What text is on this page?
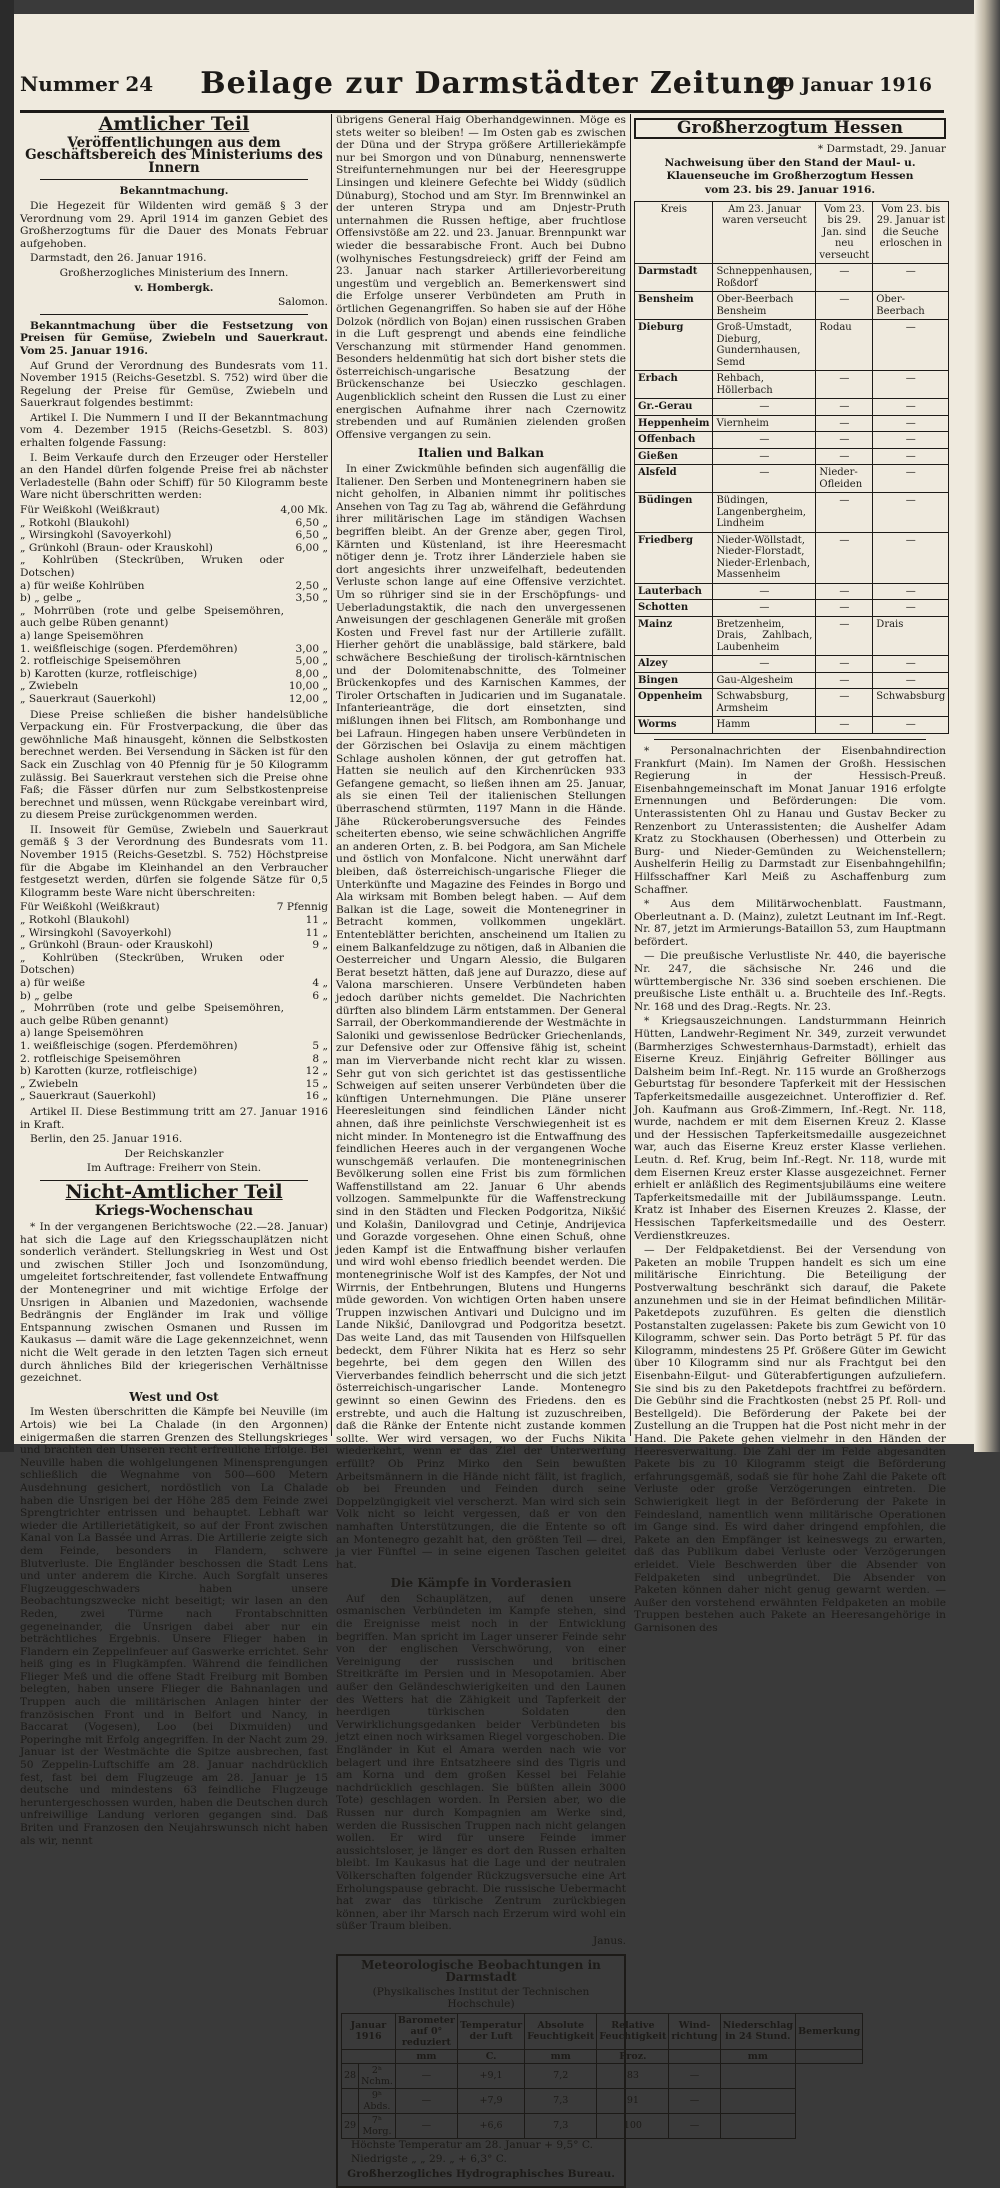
Nummer 24	Beilage zur Darmstädter Zeitung
29 Januar 1916
Amtlicher Teil
Veröffentlichungen aus dem Geschäftsbereich des Ministeriums des Innern

Bekanntmachung.

Die Hegezeit für Wildenten wird gemäß § 3 der Verordnung vom 29. April 1914 im ganzen Gebiet des Großherzogtums für die Dauer des Monats Februar aufgehoben.

Darmstadt, den 26. Januar 1916.

Großherzogliches Ministerium des Innern.

v. Hombergk.

Salomon.

Bekanntmachung über die Festsetzung von Preisen für Gemüse, Zwiebeln und Sauerkraut. Vom 25. Januar 1916.

Auf Grund der Verordnung des Bundesrats vom 11. November 1915 (Reichs-Gesetzbl. S. 752) wird über die Regelung der Preise für Gemüse, Zwiebeln und Sauerkraut folgendes bestimmt:

Artikel I. Die Nummern I und II der Bekanntmachung vom 4. Dezember 1915 (Reichs-Gesetzbl. S. 803) erhalten folgende Fassung:

I. Beim Verkaufe durch den Erzeuger oder Hersteller an den Handel dürfen folgende Preise frei ab nächster Verladestelle (Bahn oder Schiff) für 50 Kilogramm beste Ware nicht überschritten werden:

Für Weißkohl (Weißkraut)	4,00 Mk.
„ Rotkohl (Blaukohl)	6,50 „
„ Wirsingkohl (Savoyerkohl)	6,50 „
„ Grünkohl (Braun- oder Krauskohl)	6,00 „
„ Kohlrüben (Steckrüben, Wruken oder Dotschen)
a) für weiße Kohlrüben	2,50 „
b) „ gelbe „	3,50 „
„ Mohrrüben (rote und gelbe Speisemöhren, auch gelbe Rüben genannt)
a) lange Speisemöhren
1. weißfleischige (sogen. Pferdemöhren)	3,00 „
2. rotfleischige Speisemöhren	5,00 „
b) Karotten (kurze, rotfleischige)	8,00 „
„ Zwiebeln	10,00 „
„ Sauerkraut (Sauerkohl)	12,00 „

Diese Preise schließen die bisher handelsübliche Verpackung ein. Für Frostverpackung, die über das gewöhnliche Maß hinausgeht, können die Selbstkosten berechnet werden. Bei Versendung in Säcken ist für den Sack ein Zuschlag von 40 Pfennig für je 50 Kilogramm zulässig. Bei Sauerkraut verstehen sich die Preise ohne Faß; die Fässer dürfen nur zum Selbstkostenpreise berechnet und müssen, wenn Rückgabe vereinbart wird, zu diesem Preise zurückgenommen werden.

II. Insoweit für Gemüse, Zwiebeln und Sauerkraut gemäß § 3 der Verordnung des Bundesrats vom 11. November 1915 (Reichs-Gesetzbl. S. 752) Höchstpreise für die Abgabe im Kleinhandel an den Verbraucher festgesetzt werden, dürfen sie folgende Sätze für 0,5 Kilogramm beste Ware nicht überschreiten:

Für Weißkohl (Weißkraut)	7 Pfennig
„ Rotkohl (Blaukohl)	11 „
„ Wirsingkohl (Savoyerkohl)	11 „
„ Grünkohl (Braun- oder Krauskohl)	9 „
„ Kohlrüben (Steckrüben, Wruken oder Dotschen)
a) für weiße	4 „
b) „ gelbe	6 „
„ Mohrrüben (rote und gelbe Speisemöhren, auch gelbe Rüben genannt)
a) lange Speisemöhren
1. weißfleischige (sogen. Pferdemöhren)	5 „
2. rotfleischige Speisemöhren	8 „
b) Karotten (kurze, rotfleischige)	12 „
„ Zwiebeln	15 „
„ Sauerkraut (Sauerkohl)	16 „

Artikel II. Diese Bestimmung tritt am 27. Januar 1916 in Kraft.

Berlin, den 25. Januar 1916.

Der Reichskanzler

Im Auftrage: Freiherr von Stein.

Nicht-Amtlicher Teil
Kriegs-Wochenschau

* In der vergangenen Berichtswoche (22.—28. Januar) hat sich die Lage auf den Kriegsschauplätzen nicht sonderlich verändert. Stellungskrieg in West und Ost und zwischen Stiller Joch und Isonzomündung, umgeleitet fortschreitender, fast vollendete Entwaffnung der Montenegriner und mit wichtige Erfolge der Unsrigen in Albanien und Mazedonien, wachsende Bedrängnis der Engländer im Irak und völlige Entspannung zwischen Osmanen und Russen im Kaukasus — damit wäre die Lage gekennzeichnet, wenn nicht die Welt gerade in den letzten Tagen sich erneut durch ähnliches Bild der kriegerischen Verhältnisse gezeichnet.

West und Ost

Im Westen überschritten die Kämpfe bei Neuville (im Artois) wie bei La Chalade (in den Argonnen) einigermaßen die starren Grenzen des Stellungskrieges und brachten den Unseren recht erfreuliche Erfolge. Bei Neuville haben die wohlgelungenen Minensprengungen schließlich die Wegnahme von 500—600 Metern Ausdehnung gesichert, nordöstlich von La Chalade haben die Unsrigen bei der Höhe 285 dem Feinde zwei Sprengtrichter entrissen und behauptet. Lebhaft war wieder die Artillerietätigkeit, so auf der Front zwischen Kanal von La Bassée und Arras. Die Artillerie zeigte sich dem Feinde, besonders in Flandern, schwere Blutverluste. Die Engländer beschossen die Stadt Lens und unter anderem die Kirche. Auch Sorgfalt unseres Flugzeuggeschwaders haben unsere Beobachtungszwecke nicht beseitigt; wir lasen an den Reden, zwei Türme nach Frontabschnitten gegeneinander, die Unsrigen dabei aber nur ein beträchtliches Ergebnis. Unsere Flieger haben in Flandern ein Zeppelinfeuer auf Gaswerke errichtet. Sehr heiß ging es in Flugkämpfen. Während die feindlichen Flieger Meß und die offene Stadt Freiburg mit Bomben belegten, haben unsere Flieger die Bahnanlagen und Truppen auch die militärischen Anlagen hinter der französischen Front und in Belfort und Nancy, in Baccarat (Vogesen), Loo (bei Dixmuiden) und Poperinghe mit Erfolg angegriffen. In der Nacht zum 29. Januar ist der Westmächte die Spitze ausbrechen, fast 50 Zeppelin-Luftschiffe am 28. Januar nachdrücklich fest, fast bei dem Flugzeuge am 28. Januar je 15 deutsche und mindestens 63 feindliche Flugzeuge heruntergeschossen wurden, haben die Deutschen durch unfreiwillige Landung verloren gegangen sind. Daß Briten und Franzosen den Neujahrswunsch nicht haben als wir, nennt

übrigens General Haig Oberhandgewinnen. Möge es stets weiter so bleiben! — Im Osten gab es zwischen der Düna und der Strypa größere Artilleriekämpfe nur bei Smorgon und von Dünaburg, nennenswerte Streifunternehmungen nur bei der Heeresgruppe Linsingen und kleinere Gefechte bei Widdy (südlich Dünaburg), Stochod und am Styr. Im Brennwinkel an der unteren Strypa und am Dnjestr-Pruth unternahmen die Russen heftige, aber fruchtlose Offensivstöße am 22. und 23. Januar. Brennpunkt war wieder die bessarabische Front. Auch bei Dubno (wolhynisches Festungsdreieck) griff der Feind am 23. Januar nach starker Artillerievorbereitung ungestüm und vergeblich an. Bemerkenswert sind die Erfolge unserer Verbündeten am Pruth in örtlichen Gegenangriffen. So haben sie auf der Höhe Dolzok (nördlich von Bojan) einen russischen Graben in die Luft gesprengt und abends eine feindliche Verschanzung mit stürmender Hand genommen. Besonders heldenmütig hat sich dort bisher stets die österreichisch-ungarische Besatzung der Brückenschanze bei Usieczko geschlagen. Augenblicklich scheint den Russen die Lust zu einer energischen Aufnahme ihrer nach Czernowitz strebenden und auf Rumänien zielenden großen Offensive vergangen zu sein.

Italien und Balkan

In einer Zwickmühle befinden sich augenfällig die Italiener. Den Serben und Montenegrinern haben sie nicht geholfen, in Albanien nimmt ihr politisches Ansehen von Tag zu Tag ab, während die Gefährdung ihrer militärischen Lage im ständigen Wachsen begriffen bleibt. An der Grenze aber, gegen Tirol, Kärnten und Küstenland, ist ihre Heeresmacht nötiger denn je. Trotz ihrer Länderziele haben sie dort angesichts ihrer unzweifelhaft, bedeutenden Verluste schon lange auf eine Offensive verzichtet. Um so rühriger sind sie in der Erschöpfungs- und Ueberladungstaktik, die nach den unvergessenen Anweisungen der geschlagenen Generäle mit großen Kosten und Frevel fast nur der Artillerie zufällt. Hierher gehört die unablässige, bald stärkere, bald schwächere Beschießung der tirolisch-kärntnischen und der Dolomitenabschnitte, des Tolmeiner Brückenkopfes und des Karnischen Kammes, der Tiroler Ortschaften in Judicarien und im Suganatale. Infanterieanträge, die dort einsetzten, sind mißlungen ihnen bei Flitsch, am Rombonhange und bei Lafraun. Hingegen haben unsere Verbündeten in der Görzischen bei Oslavija zu einem mächtigen Schlage ausholen können, der gut getroffen hat. Hatten sie neulich auf den Kirchenrücken 933 Gefangene gemacht, so ließen ihnen am 25. Januar, als sie einen Teil der italienischen Stellungen überraschend stürmten, 1197 Mann in die Hände. Jähe Rückeroberungsversuche des Feindes scheiterten ebenso, wie seine schwächlichen Angriffe an anderen Orten, z. B. bei Podgora, am San Michele und östlich von Monfalcone. Nicht unerwähnt darf bleiben, daß österreichisch-ungarische Flieger die Unterkünfte und Magazine des Feindes in Borgo und Ala wirksam mit Bomben belegt haben. — Auf dem Balkan ist die Lage, soweit die Montenegriner in Betracht kommen, vollkommen ungeklärt. Ententeblätter berichten, anscheinend um Italien zu einem Balkanfeldzuge zu nötigen, daß in Albanien die Oesterreicher und Ungarn Alessio, die Bulgaren Berat besetzt hätten, daß jene auf Durazzo, diese auf Valona marschieren. Unsere Verbündeten haben jedoch darüber nichts gemeldet. Die Nachrichten dürften also blindem Lärm entstammen. Der General Sarrail, der Oberkommandierende der Westmächte in Saloniki und gewissenlose Bedrücker Griechenlands, zur Defensive oder zur Offensive fähig ist, scheint man im Vierverbande nicht recht klar zu wissen. Sehr gut von sich gerichtet ist das gestissentliche Schweigen auf seiten unserer Verbündeten über die künftigen Unternehmungen. Die Pläne unserer Heeresleitungen sind feindlichen Länder nicht ahnen, daß ihre peinlichste Verschwiegenheit ist es nicht minder. In Montenegro ist die Entwaffnung des feindlichen Heeres auch in der vergangenen Woche wunschgemäß verlaufen. Die montenegrinischen Bevölkerung sollen eine Frist bis zum förmlichen Waffenstillstand am 22. Januar 6 Uhr abends vollzogen. Sammelpunkte für die Waffenstreckung sind in den Städten und Flecken Podgoritza, Nikšić und Kolašin, Danilovgrad und Cetinje, Andrijevica und Gorazde vorgesehen. Ohne einen Schuß, ohne jeden Kampf ist die Entwaffnung bisher verlaufen und wird wohl ebenso friedlich beendet werden. Die montenegrinische Wolf ist des Kampfes, der Not und Wirrnis, der Entbehrungen, Blutens und Hungerns müde geworden. Von wichtigen Orten haben unsere Truppen inzwischen Antivari und Dulcigno und im Lande Nikšić, Danilovgrad und Podgoritza besetzt. Das weite Land, das mit Tausenden von Hilfsquellen bedeckt, dem Führer Nikita hat es Herz so sehr begehrte, bei dem gegen den Willen des Vierverbandes feindlich beherrscht und die sich jetzt österreichisch-ungarischer Lande. Montenegro gewinnt so einen Gewinn des Friedens. den es erstrebte, und auch die Haltung ist zuzuschreiben, daß die Ränke der Entente nicht zustande kommen sollte. Wer wird versagen, wo der Fuchs Nikita wiederkehrt, wenn er das Ziel der Unterwerfung erfüllt? Ob Prinz Mirko den Sein bewußten Arbeitsmännern in die Hände nicht fällt, ist fraglich, ob bei Freunden und Feinden durch seine Doppelzüngigkeit viel verscherzt. Man wird sich sein Volk nicht so leicht vergessen, daß er von den namhaften Unterstützungen, die die Entente so oft an Montenegro gezahlt hat, den größten Teil — drei, ja vier Fünftel — in seine eigenen Taschen geleitet hat.

Die Kämpfe in Vorderasien

Auf den Schauplätzen, auf denen unsere osmanischen Verbündeten im Kampfe stehen, sind die Ereignisse meist noch in der Entwicklung begriffen. Man spricht im Lager unserer Feinde sehr von der englischen Verschwörung, von einer Vereinigung der russischen und britischen Streitkräfte im Persien und in Mesopotamien. Aber außer den Geländeschwierigkeiten und den Launen des Wetters hat die Zähigkeit und Tapferkeit der heerdigen türkischen Soldaten den Verwirklichungsgedanken beider Verbündeten bis jetzt einen noch wirksamen Riegel vorgeschoben. Die Engländer in Kut el Amara werden nach wie vor belagert und ihre Entsatzheere sind des Tigris und am Korna und dem großen Kessel bei Felahie nachdrücklich geschlagen. Sie büßten allein 3000 Tote) geschlagen worden. In Persien aber, wo die Russen nur durch Kompagnien am Werke sind, werden die Russischen Truppen nach nicht gelangen wollen. Er wird für unsere Feinde immer aussichtsloser, je länger es dort den Russen erhalten bleibt. Im Kaukasus hat die Lage und der neutralen Völkerschaften folgender Rückzugsversuche eine Art Erholungspause gebracht. Die russische Uebermacht hat zwar das türkische Zentrum zurückbiegen können, aber ihr Marsch nach Erzerum wird wohl ein süßer Traum bleiben.

Janus.

Meteorologische Beobachtungen in Darmstadt

(Physikalisches Institut der Technischen Hochschule)

Januar 1916		Barometer auf 0° reduziert	Temperatur der Luft	Absolute Feuchtigkeit	Relative Feuchtigkeit	Wind-richtung	Niederschlag in 24 Stund.	Bemerkung
		mm	C.	mm	Proz.		mm	
28	2ʰ Nchm.	—	+9,1	7,2	83	—		
	9ʰ Abds.	—	+7,9	7,3	91	—		
29	7ʰ Morg.	—	+6,6	7,3	100	—		

Höchste Temperatur am 28. Januar + 9,5° C.

Niedrigste „ „ 29. „ + 6,3° C.

Großherzogliches Hydrographisches Bureau.

Großherzogtum Hessen

* Darmstadt, 29. Januar

Nachweisung über den Stand der Maul- u. Klauenseuche im Großherzogtum Hessen

vom 23. bis 29. Januar 1916.

Kreis	Am 23. Januar waren verseucht	Vom 23. bis 29. Jan. sind neu verseucht	Vom 23. bis 29. Januar ist die Seuche erloschen in
Darmstadt	Schneppenhausen, Roßdorf	—	—
Bensheim	Ober-Beerbach Bensheim	—	Ober-Beerbach
Dieburg	Groß-Umstadt, Dieburg, Gundernhausen, Semd	Rodau	—
Erbach	Rehbach, Höllerbach	—	—
Gr.-Gerau	—	—	—
Heppenheim	Viernheim	—	—
Offenbach	—	—	—
Gießen	—	—	—
Alsfeld	—	Nieder-Ofleiden	—
Büdingen	Büdingen, Langenbergheim, Lindheim	—	—
Friedberg	Nieder-Wöllstadt, Nieder-Florstadt, Nieder-Erlenbach, Massenheim	—	—
Lauterbach	—	—	—
Schotten	—	—	—
Mainz	Bretzenheim, Drais, Zahlbach, Laubenheim	—	Drais
Alzey	—	—	—
Bingen	Gau-Algesheim	—	—
Oppenheim	Schwabsburg, Armsheim	—	Schwabsburg
Worms	Hamm	—	—

* Personalnachrichten der Eisenbahndirection Frankfurt (Main). Im Namen der Großh. Hessischen Regierung in der Hessisch-Preuß. Eisenbahngemeinschaft im Monat Januar 1916 erfolgte Ernennungen und Beförderungen: Die vom. Unterassistenten Ohl zu Hanau und Gustav Becker zu Renzenbort zu Unterassistenten; die Aushelfer Adam Kratz zu Stockhausen (Oberhessen) und Otterbein zu Burg- und Nieder-Gemünden zu Weichenstellern; Aushelferin Heilig zu Darmstadt zur Eisenbahngehilfin; Hilfsschaffner Karl Meiß zu Aschaffenburg zum Schaffner.

* Aus dem Militärwochenblatt. Faustmann, Oberleutnant a. D. (Mainz), zuletzt Leutnant im Inf.-Regt. Nr. 87, jetzt im Armierungs-Bataillon 53, zum Hauptmann befördert.

— Die preußische Verlustliste Nr. 440, die bayerische Nr. 247, die sächsische Nr. 246 und die württembergische Nr. 336 sind soeben erschienen. Die preußische Liste enthält u. a. Bruchteile des Inf.-Regts. Nr. 168 und des Drag.-Regts. Nr. 23.

* Kriegsauszeichnungen. Landsturmmann Heinrich Hütten, Landwehr-Regiment Nr. 349, zurzeit verwundet (Barmherziges Schwesternhaus-Darmstadt), erhielt das Eiserne Kreuz. Einjährig Gefreiter Böllinger aus Dalsheim beim Inf.-Regt. Nr. 115 wurde an Großherzogs Geburtstag für besondere Tapferkeit mit der Hessischen Tapferkeitsmedaille ausgezeichnet. Unteroffizier d. Ref. Joh. Kaufmann aus Groß-Zimmern, Inf.-Regt. Nr. 118, wurde, nachdem er mit dem Eisernen Kreuz 2. Klasse und der Hessischen Tapferkeitsmedaille ausgezeichnet war, auch das Eiserne Kreuz erster Klasse verliehen. Leutn. d. Ref. Krug, beim Inf.-Regt. Nr. 118, wurde mit dem Eisernen Kreuz erster Klasse ausgezeichnet. Ferner erhielt er anläßlich des Regimentsjubiläums eine weitere Tapferkeitsmedaille mit der Jubiläumsspange. Leutn. Kratz ist Inhaber des Eisernen Kreuzes 2. Klasse, der Hessischen Tapferkeitsmedaille und des Oesterr. Verdienstkreuzes.

— Der Feldpaketdienst. Bei der Versendung von Paketen an mobile Truppen handelt es sich um eine militärische Einrichtung. Die Beteiligung der Postverwaltung beschränkt sich darauf, die Pakete anzunehmen und sie in der Heimat befindlichen Militär-Paketdepots zuzuführen. Es gelten die dienstlich Postanstalten zugelassen: Pakete bis zum Gewicht von 10 Kilogramm, schwer sein. Das Porto beträgt 5 Pf. für das Kilogramm, mindestens 25 Pf. Größere Güter im Gewicht über 10 Kilogramm sind nur als Frachtgut bei den Eisenbahn-Eilgut- und Güterabfertigungen aufzuliefern. Sie sind bis zu den Paketdepots frachtfrei zu befördern. Die Gebühr sind die Frachtkosten (nebst 25 Pf. Roll- und Bestellgeld). Die Beförderung der Pakete bei der Zustellung an die Truppen hat die Post nicht mehr in der Hand. Die Pakete gehen vielmehr in den Händen der Heeresverwaltung. Die Zahl der im Felde abgesandten Pakete bis zu 10 Kilogramm steigt die Beförderung erfahrungsgemäß, sodaß sie für hohe Zahl die Pakete oft Verluste oder große Verzögerungen eintreten. Die Schwierigkeit liegt in der Beförderung der Pakete in Feindesland, namentlich wenn militärische Operationen im Gange sind. Es wird daher dringend empfohlen, die Pakete an den Empfänger ist keineswegs zu erwarten, daß das Publikum dabei Verluste oder Verzögerungen erleidet. Viele Beschwerden über die Absender von Feldpaketen sind unbegründet. Die Absender von Paketen können daher nicht genug gewarnt werden. — Außer den vorstehend erwähnten Feldpaketen an mobile Truppen bestehen auch Pakete an Heeresangehörige in Garnisonen des
